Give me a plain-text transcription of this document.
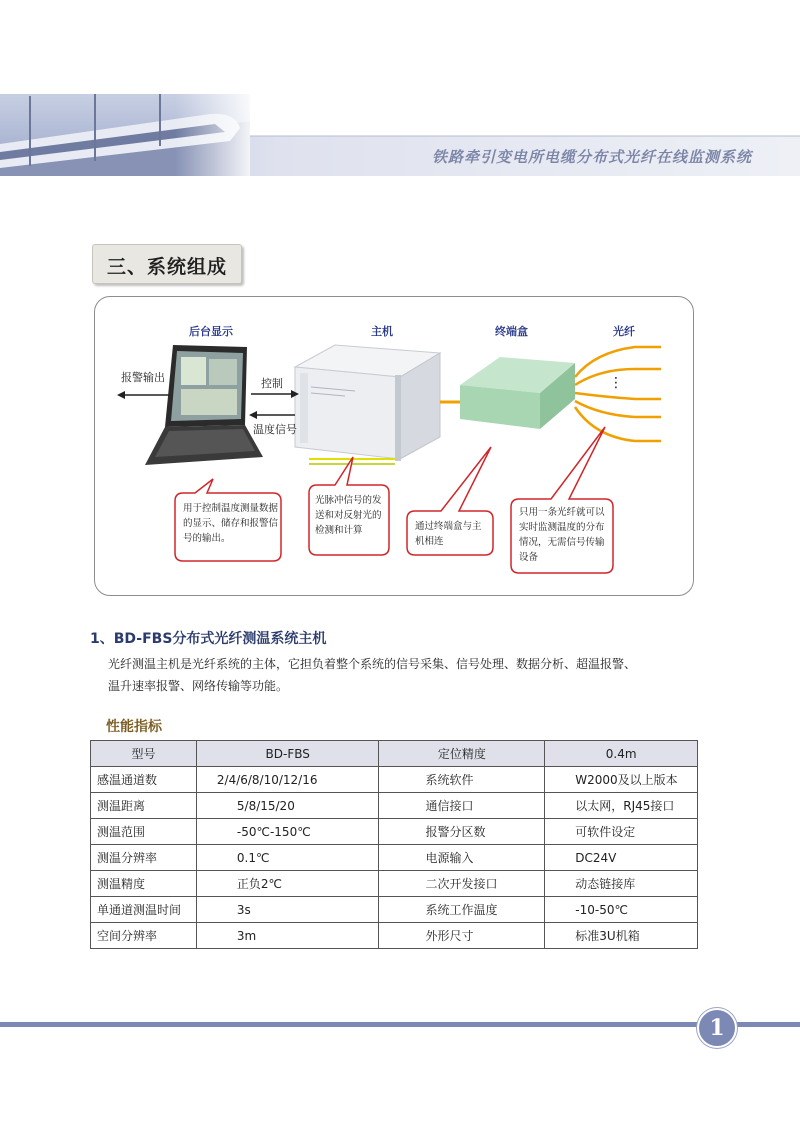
铁路牵引变电所电缆分布式光纤在线监测系统
三、系统组成
后台显示	主机	终端盒	光纤
报警输出	控制
温度信号
⋮
用于控制温度测量数据
的显示、储存和报警信
号的输出。
光脉冲信号的发
送和对反射光的
检测和计算	通过终端盒与主
机相连
只用一条光纤就可以
实时监测温度的分布
情况，无需信号传输
设备
1、BD-FBS分布式光纤测温系统主机
光纤测温主机是光纤系统的主体，它担负着整个系统的信号采集、信号处理、数据分析、超温报警、
温升速率报警、网络传输等功能。
性能指标
型号	BD-FBS	定位精度	0.4m
感温通道数	2/4/6/8/10/12/16	系统软件	W2000及以上版本
测温距离	5/8/15/20	通信接口	以太网，RJ45接口
测温范围	-50℃-150℃	报警分区数	可软件设定
测温分辨率	0.1℃	电源输入	DC24V
测温精度	正负2℃	二次开发接口	动态链接库
单通道测温时间	3s	系统工作温度	-10-50℃
空间分辨率	3m	外形尺寸	标准3U机箱
1
